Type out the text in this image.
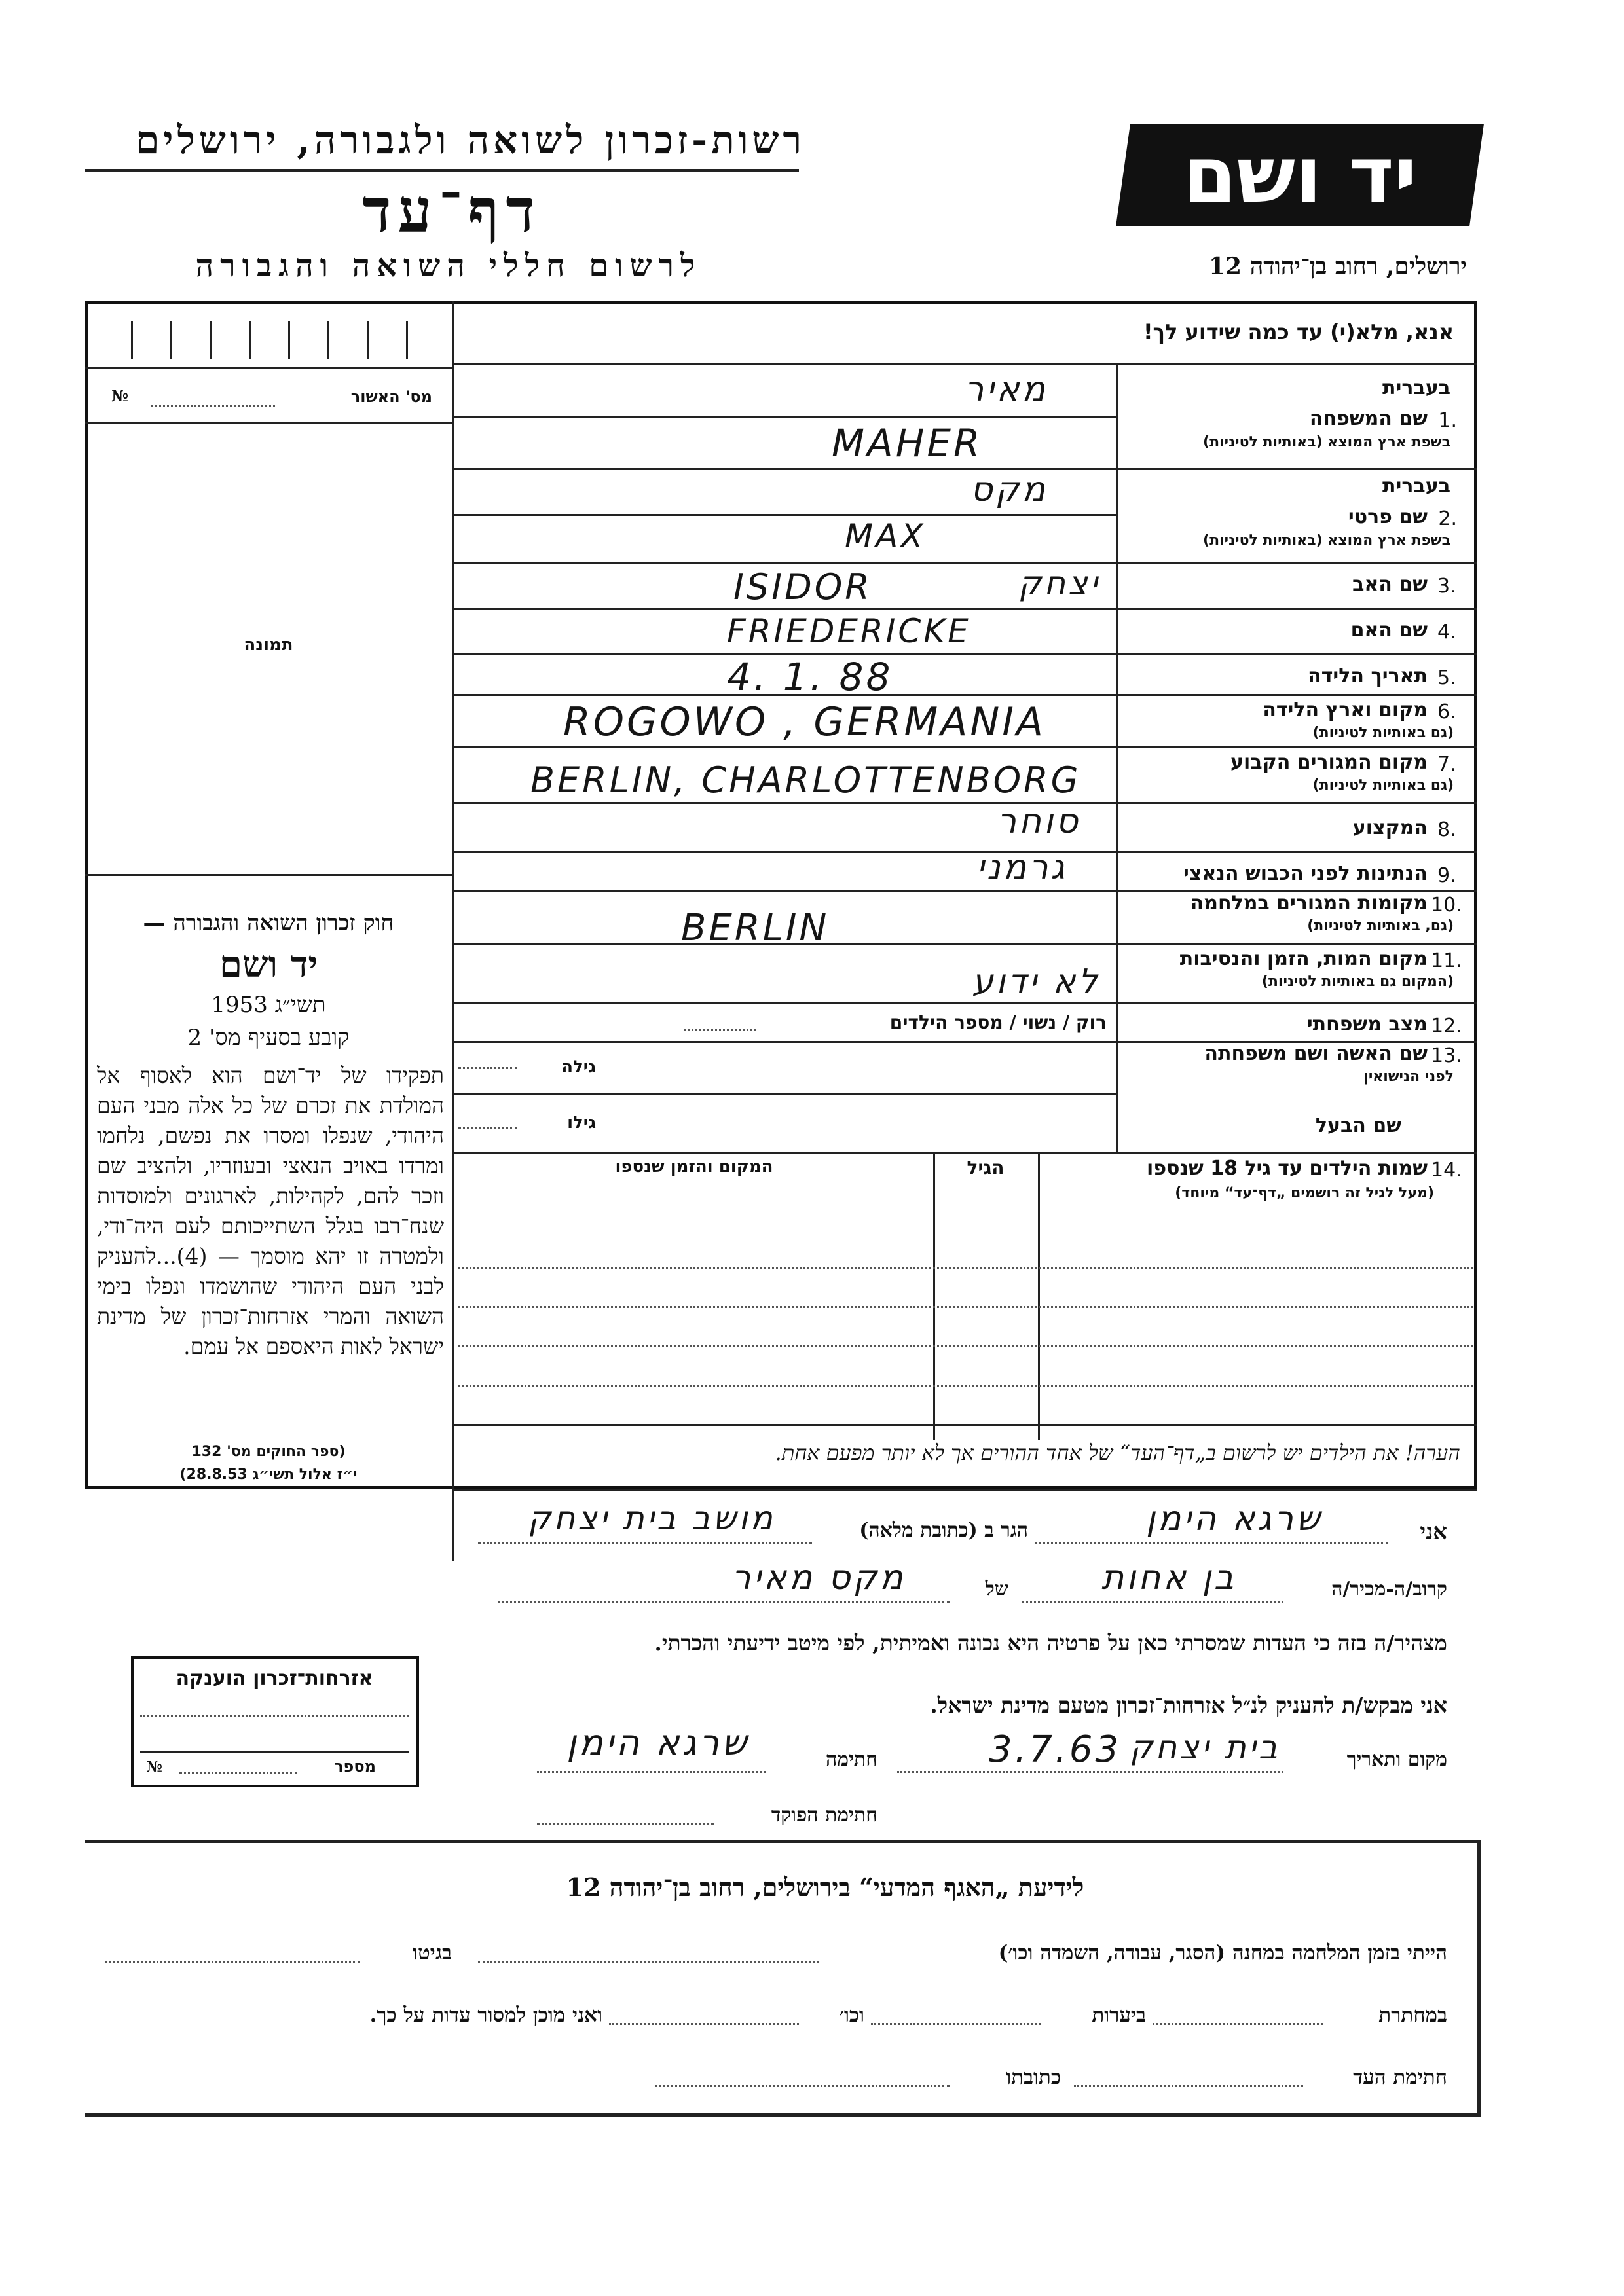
רשות-זכרון לשואה ולגבורה, ירושלים
דף־עד
לרשום חללי השואה והגבורה
יד ושם
ירושלים, רחוב בן־יהודה 12
אנא, מלא(י) עד כמה שידוע לך!
מס' האשור
№
תמונה
בעברית
1.
שם המשפחה
בשפת ארץ המוצא (באותיות לטיניות)
מאיר
MAHER
בעברית
2.
שם פרטי
בשפת ארץ המוצא (באותיות לטיניות)
מקס
MAX
3.
שם האב
ISIDOR	יצחק
4.
שם האם
FRIEDERICKE
5.
תאריך הלידה
4. 1. 88
6.
מקום וארץ הלידה
(גם באותיות לטיניות)
ROGOWO , GERMANIA
7.
מקום המגורים הקבוע
(גם באותיות לטיניות)
BERLIN, CHARLOTTENBORG
8.
המקצוע
סוחר
9.
הנתינות לפני הכבוש הנאצי
גרמני
10.
מקומות המגורים במלחמה
(גם, באותיות לטיניות)
BERLIN
11.
מקום המות, הזמן והנסיבות
(המקום גם באותיות לטיניות)
לא ידוע
12.
מצב משפחתי
רוק / נשוי / מספר הילדים
13.
שם האשה ושם משפחתה
לפני הנישואין
גילה
שם הבעל
גילו
14.
שמות הילדים עד גיל 18 שנספו
(מעל לגיל זה רושמים „דף־עד“ מיוחד)
הגיל
המקום והזמן שנספו
חוק זכרון השואה והגבורה —
יד ושם
תשי״ג 1953
קובע בסעיף מס' 2
תפקידו של יד־ושם הוא לאסוף אל המולדת את זכרם של כל אלה מבני העם היהודי, שנפלו ומסרו את נפשם, נלחמו ומרדו באויב הנאצי ובעוזריו, ולהציב שם וזכר להם, לקהילות, לארגונים ולמוסדות שנח־רבו בגלל השתייכותם לעם היה־ודי, ולמטרה זו יהא מוסמך — (4)...להעניק לבני העם היהודי שהושמדו ונפלו בימי השואה והמרי אזרחות־זכרון של מדינת ישראל לאות היאספם אל עמם.
(ספר החוקים מס' 132
י״ז אלול תשי״ג 28.8.53)
הערה! את הילדים יש לרשום ב„דף־העד“ של אחד ההורים אך לא יותר מפעם אחת.
אני
שרגא הימן
הגר ב (כתובת מלאה)
מושב בית יצחק
קרוב/ה-מכיר/ה
בן אחות
של
מקס מאיר
מצהיר/ה בזה כי העדות שמסרתי כאן על פרטיה היא נכונה ואמיתית, לפי מיטב ידיעתי והכרתי.
אני מבקש/ת להעניק לנ״ל אזרחות־זכרון מטעם מדינת ישראל.
מקום ותאריך
בית יצחק
3.7.63
חתימה
שרגא הימן
חתימת הפוקד
אזרחות־זכרון הוענקה
מספר
№
לידיעת „האגף המדעי“ בירושלים, רחוב בן־יהודה 12
הייתי בזמן המלחמה במחנה (הסגר, עבודה, השמדה וכו׳)
בגיטו
במחתרת
ביערות
וכו׳
ואני מוכן למסור עדות על כך.
חתימת העד
כתובתו
